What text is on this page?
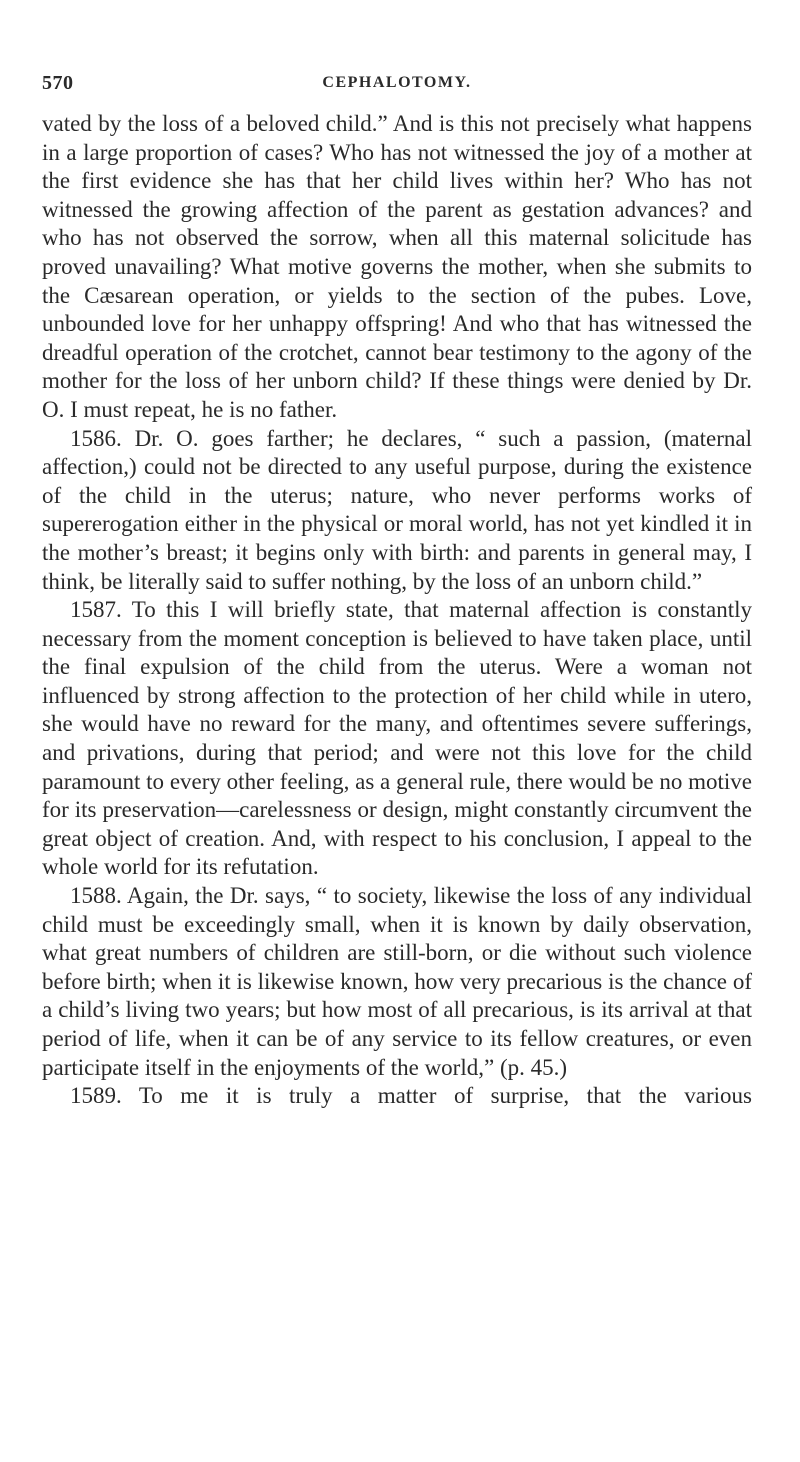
570	CEPHALOTOMY.

vated by the loss of a beloved child.” And is this not precisely what happens in a large proportion of cases? Who has not witnessed the joy of a mother at the first evidence she has that her child lives within her? Who has not witnessed the growing affection of the parent as gestation advances? and who has not observed the sorrow, when all this maternal solicitude has proved unavailing? What motive governs the mother, when she submits to the Cæsarean operation, or yields to the section of the pubes. Love, unbounded love for her unhappy offspring! And who that has witnessed the dreadful operation of the crotchet, cannot bear testimony to the agony of the mother for the loss of her unborn child? If these things were denied by Dr. O. I must repeat, he is no father.

1586. Dr. O. goes farther; he declares, “ such a passion, (maternal affection,) could not be directed to any useful purpose, during the existence of the child in the uterus; nature, who never performs works of supererogation either in the physical or moral world, has not yet kindled it in the mother’s breast; it begins only with birth: and parents in general may, I think, be literally said to suffer nothing, by the loss of an unborn child.”

1587. To this I will briefly state, that maternal affection is constantly necessary from the moment conception is believed to have taken place, until the final expulsion of the child from the uterus. Were a woman not influenced by strong affection to the protection of her child while in utero, she would have no reward for the many, and oftentimes severe sufferings, and privations, during that period; and were not this love for the child paramount to every other feeling, as a general rule, there would be no motive for its preservation—carelessness or design, might constantly circumvent the great object of creation. And, with respect to his conclusion, I appeal to the whole world for its refutation.

1588. Again, the Dr. says, “ to society, likewise the loss of any individual child must be exceedingly small, when it is known by daily observation, what great numbers of children are still-born, or die without such violence before birth; when it is likewise known, how very precarious is the chance of a child’s living two years; but how most of all precarious, is its arrival at that period of life, when it can be of any service to its fellow creatures, or even participate itself in the enjoyments of the world,” (p. 45.)

1589. To me it is truly a matter of surprise, that the various
